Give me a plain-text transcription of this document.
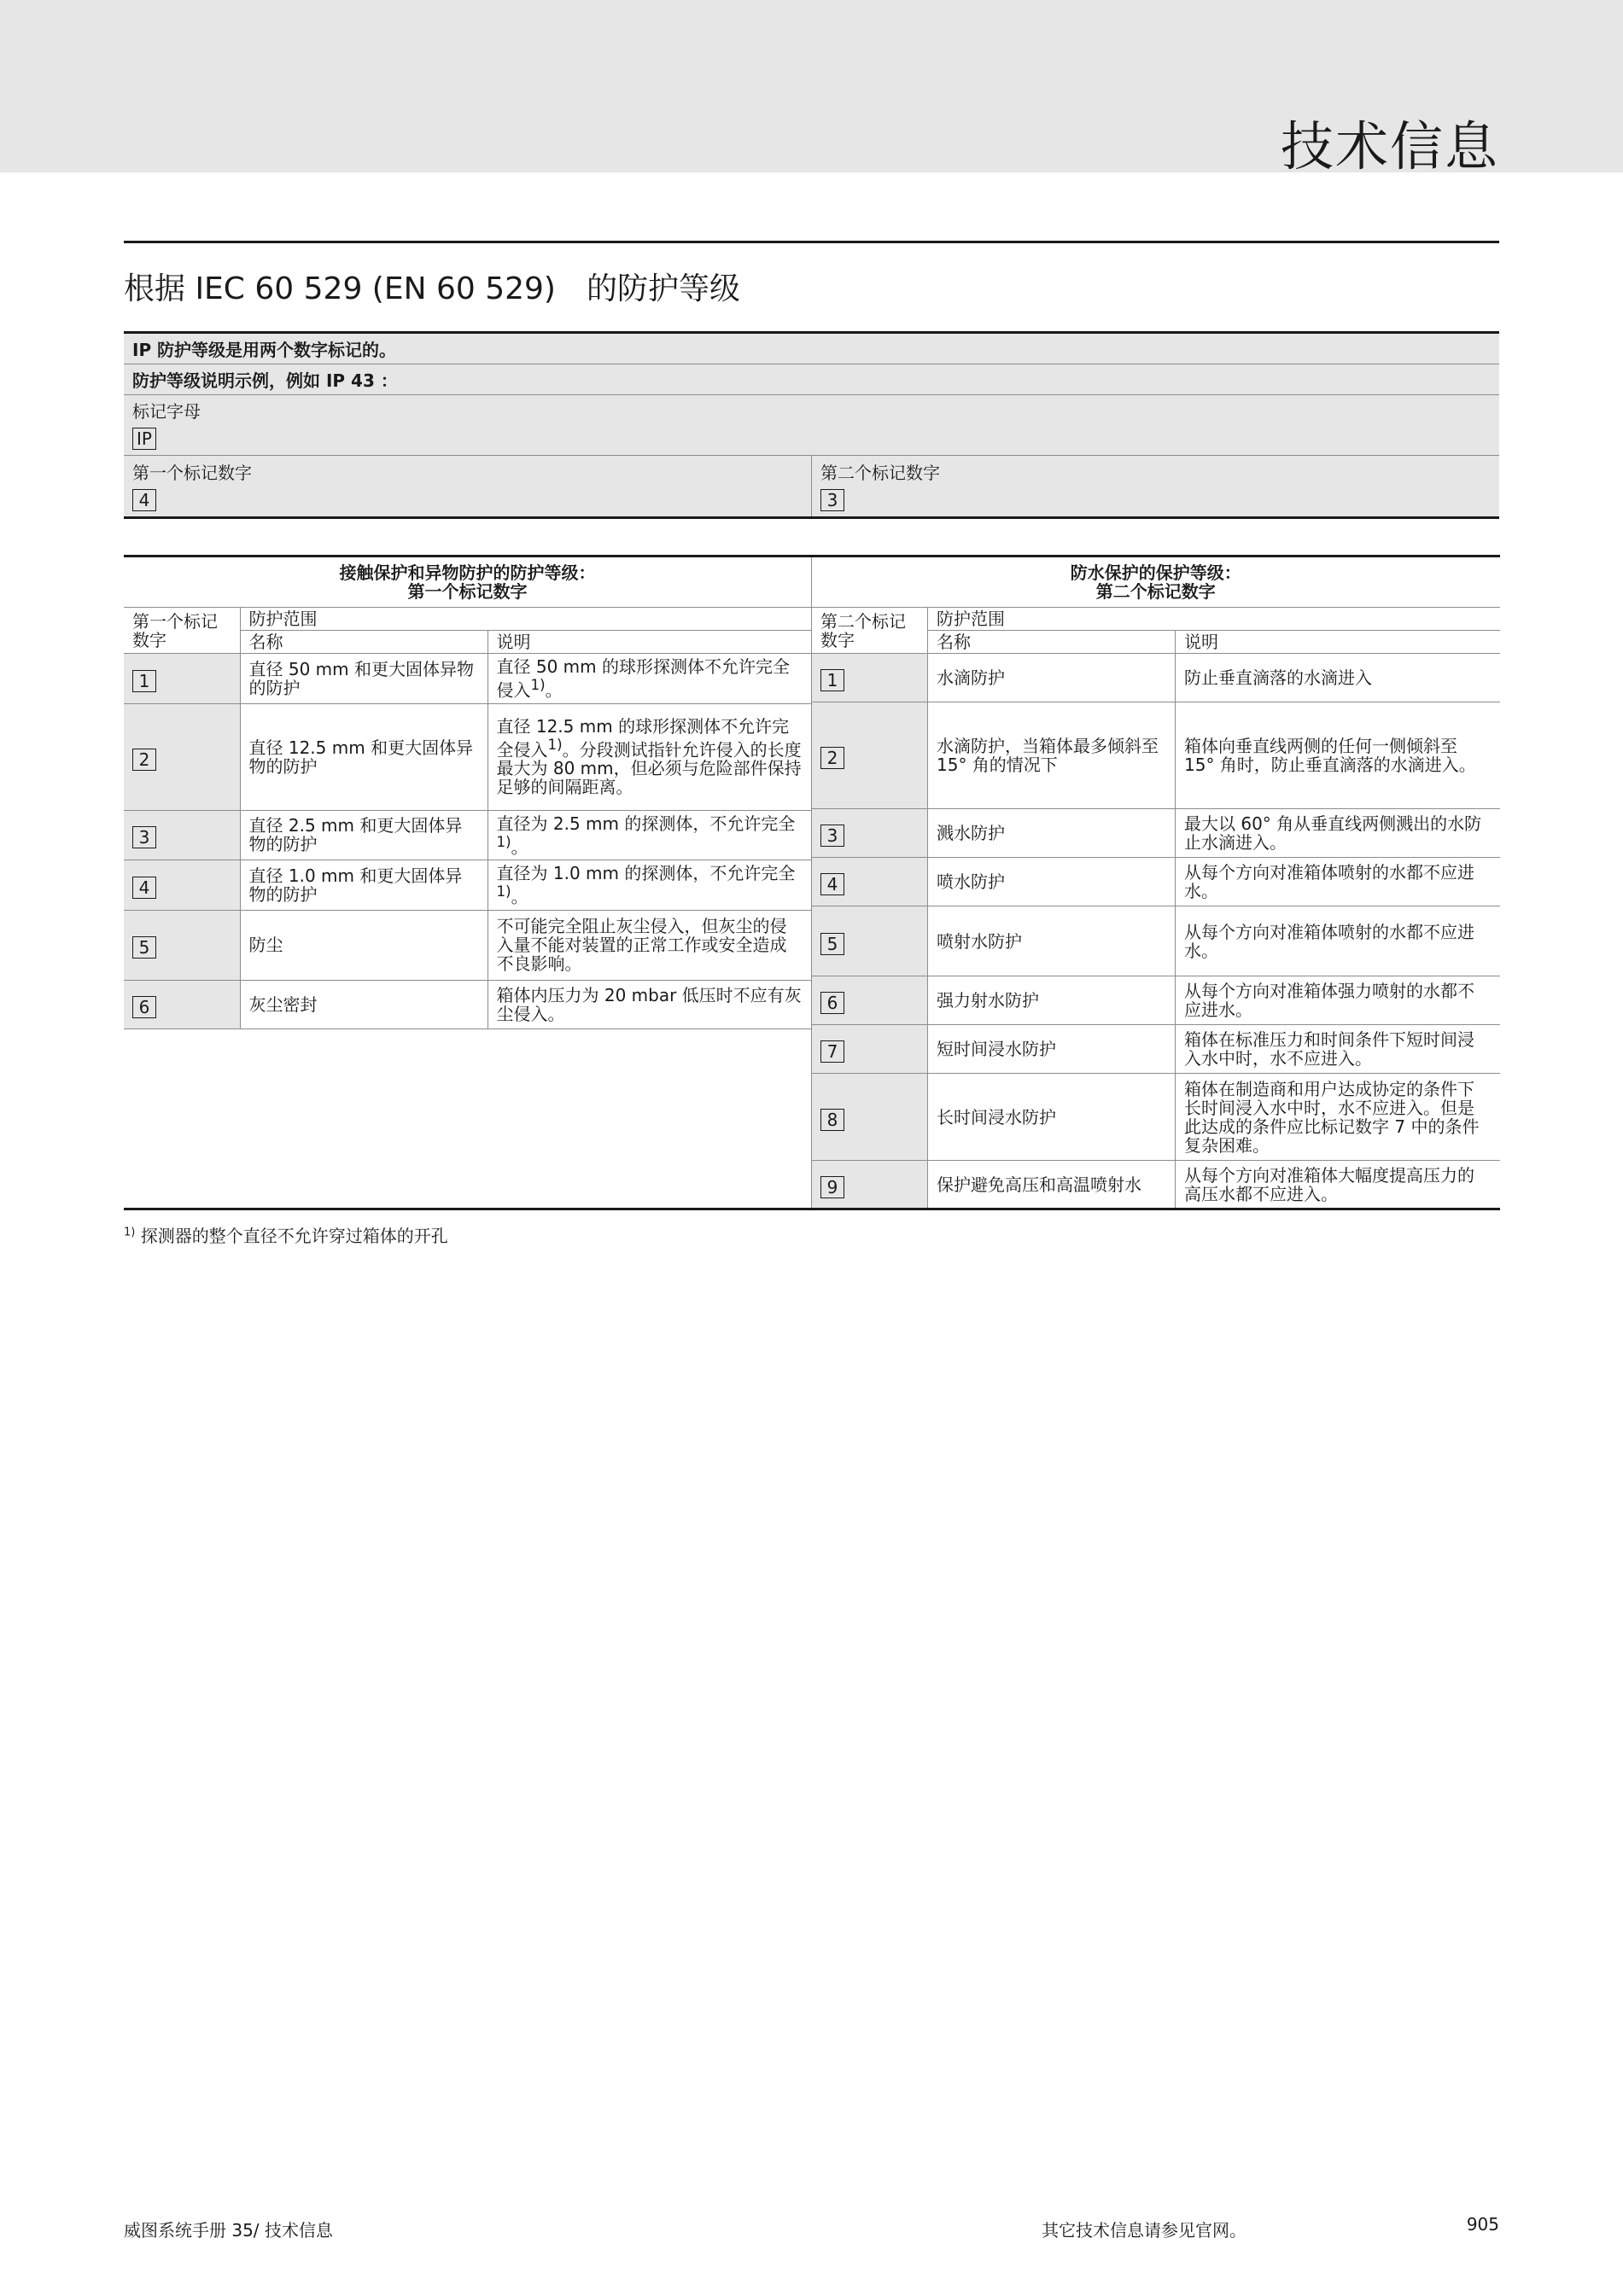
技术信息
根据 IEC 60 529 (EN 60 529)　的防护等级
IP 防护等级是用两个数字标记的。
防护等级说明示例，例如 IP 43 ：
标记字母
IP
第一个标记数字
4
第二个标记数字
3
接触保护和异物防护的防护等级：
第一个标记数字		

第一个标记数字	防护范围	
	名称	说明
1	直径 50 mm 和更大固体异物的防护	直径 50 mm 的球形探测体不允许完全侵入$^{1)}$。
2	直径 12.5 mm 和更大固体异物的防护	直径 12.5 mm 的球形探测体不允许完全侵入$^{1)}$。分段测试指针允许侵入的长度最大为 80 mm，但必须与危险部件保持足够的间隔距离。
3	直径 2.5 mm 和更大固体异物的防护	直径为 2.5 mm 的探测体，不允许完全$^{1)}$。
4	直径 1.0 mm 和更大固体异物的防护	直径为 1.0 mm 的探测体，不允许完全$^{1)}$。
5	防尘	不可能完全阻止灰尘侵入，但灰尘的侵入量不能对装置的正常工作或安全造成不良影响。
6	灰尘密封	箱体内压力为 20 mbar 低压时不应有灰尘侵入。
防水保护的保护等级：
第二个标记数字		

第二个标记数字	防护范围	
	名称	说明
1	水滴防护	防止垂直滴落的水滴进入
2	水滴防护，当箱体最多倾斜至 15° 角的情况下	箱体向垂直线两侧的任何一侧倾斜至 15° 角时，防止垂直滴落的水滴进入。
3	溅水防护	最大以 60° 角从垂直线两侧溅出的水防止水滴进入。
4	喷水防护	从每个方向对准箱体喷射的水都不应进水。
5	喷射水防护	从每个方向对准箱体喷射的水都不应进水。
6	强力射水防护	从每个方向对准箱体强力喷射的水都不应进水。
7	短时间浸水防护	箱体在标准压力和时间条件下短时间浸入水中时，水不应进入。
8	长时间浸水防护	箱体在制造商和用户达成协定的条件下长时间浸入水中时，水不应进入。但是此达成的条件应比标记数字 7 中的条件复杂困难。
9	保护避免高压和高温喷射水	从每个方向对准箱体大幅度提高压力的高压水都不应进入。
$^{1)}$ 探测器的整个直径不允许穿过箱体的开孔
威图系统手册 35/ 技术信息	其它技术信息请参见官网。	905
